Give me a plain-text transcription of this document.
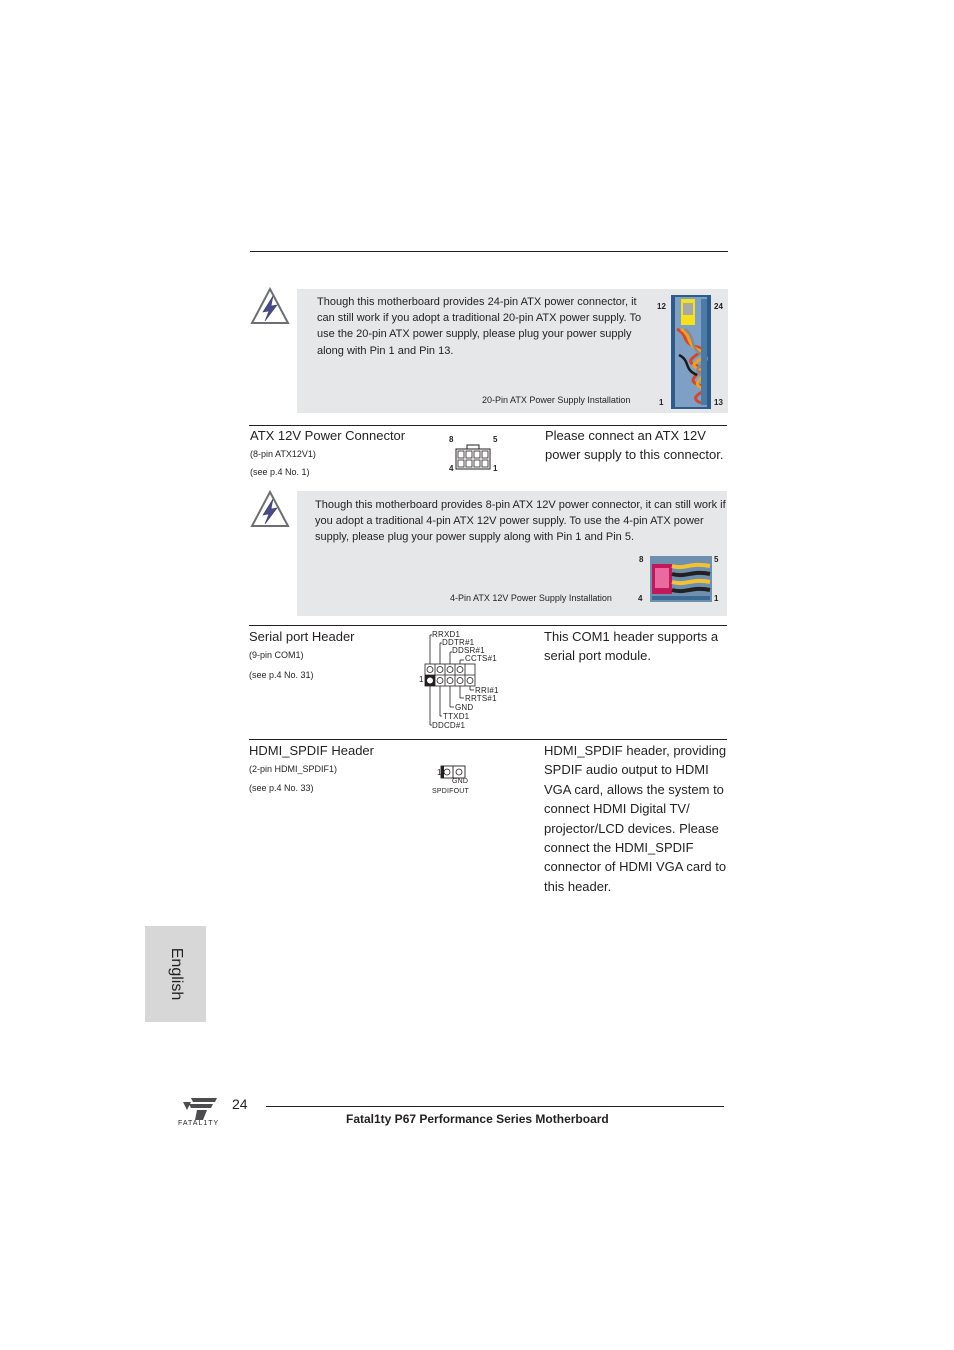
Though this motherboard provides 24-pin ATX power connector, it can still work if you adopt a traditional 20-pin ATX power supply. To use the 20-pin ATX power supply, please plug your power supply along with Pin 1 and Pin 13.
20-Pin ATX Power Supply Installation
12	24
1	13
ATX 12V Power Connector
(8-pin ATX12V1)
(see p.4 No. 1)
8	5
4	1
Please connect an ATX 12V power supply to this connector.
Though this motherboard provides 8-pin ATX 12V power connector, it can still work if you adopt a traditional 4-pin ATX 12V power supply. To use the 4-pin ATX power supply, please plug your power supply along with Pin 1 and Pin 5.
4-Pin ATX 12V Power Supply Installation
8	5
4	1
Serial port Header
(9-pin COM1)
(see p.4 No. 31)
RRXD1
DDTR#1
DDSR#1
CCTS#1
1
RRI#1
RRTS#1
GND
TTXD1
DDCD#1
This COM1 header supports a serial port module.
HDMI_SPDIF Header
(2-pin HDMI_SPDIF1)
(see p.4 No. 33)
1
GND
SPDIFOUT
HDMI_SPDIF header, providing SPDIF audio output to HDMI VGA card, allows the system to connect HDMI Digital TV/ projector/LCD devices. Please connect the HDMI_SPDIF connector of HDMI VGA card to this header.
English
FATAL1TY
24
Fatal1ty P67 Performance Series Motherboard
